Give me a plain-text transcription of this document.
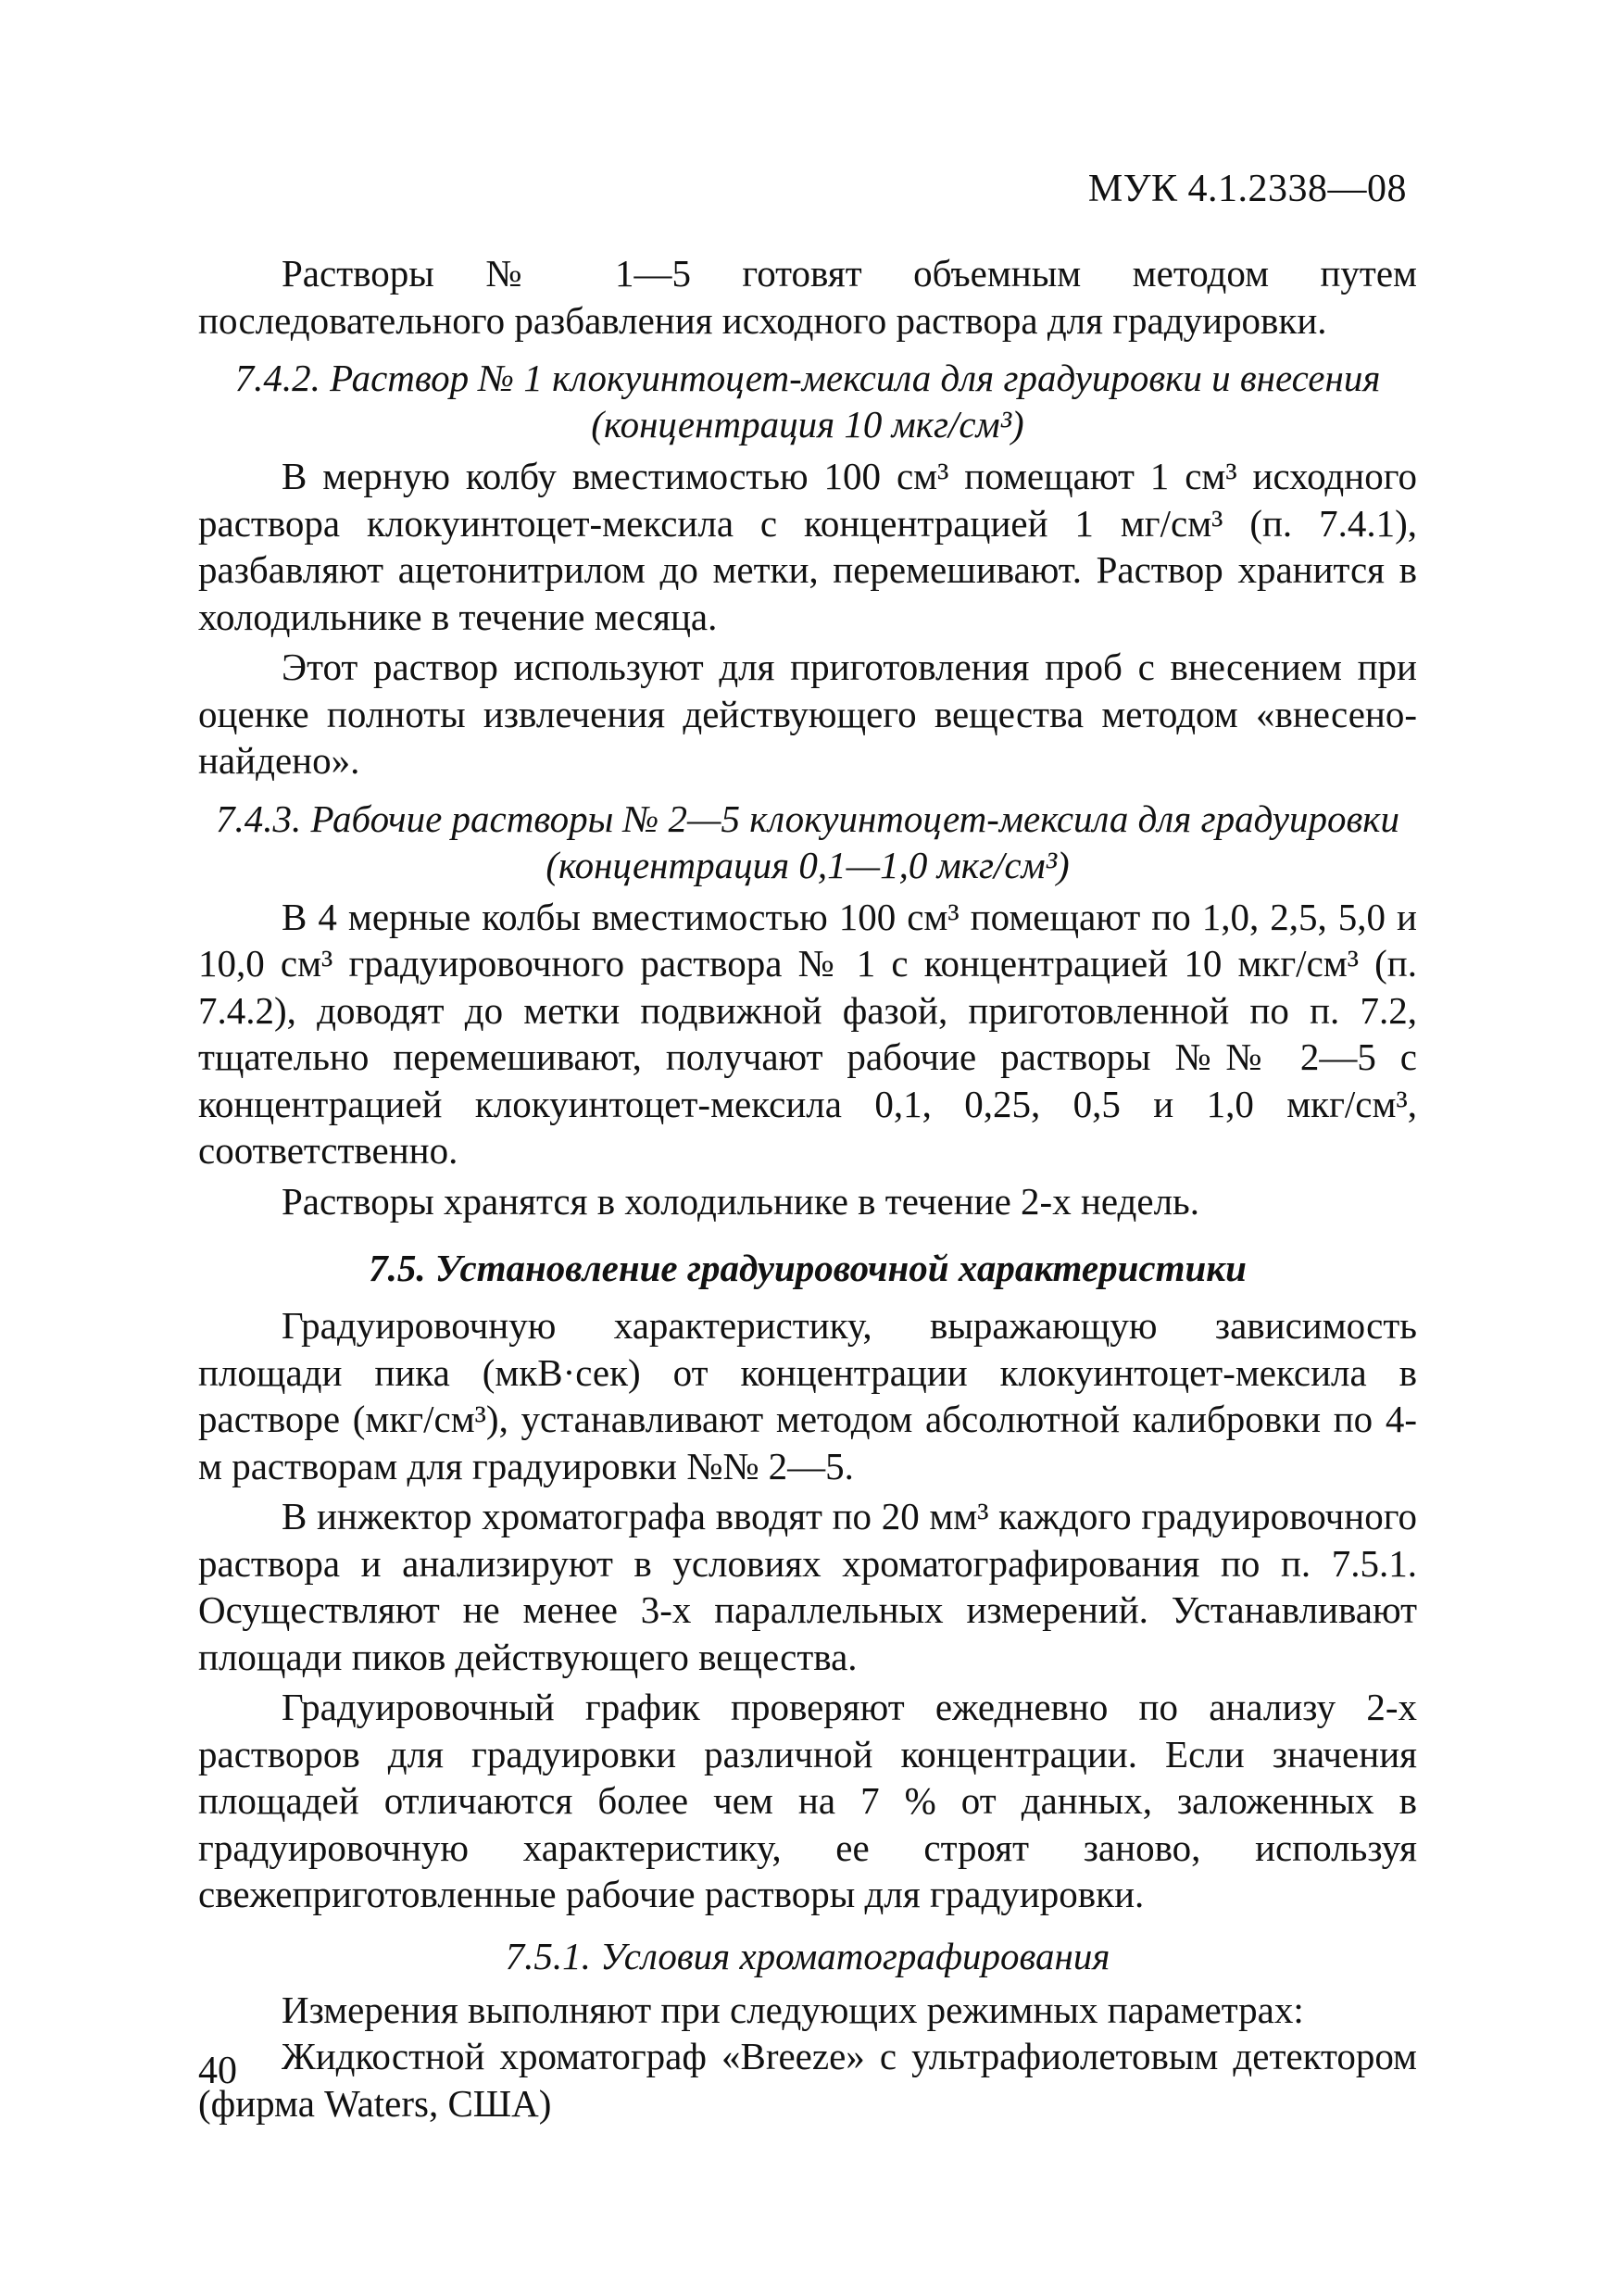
МУК 4.1.2338—08

Растворы № 1—5 готовят объемным методом путем последовательного разбавления исходного раствора для градуировки.

7.4.2. Раствор № 1 клокуинтоцет-мексила для градуировки и внесения
(концентрация 10 мкг/см³)

В мерную колбу вместимостью 100 см³ помещают 1 см³ исходного раствора клокуинтоцет-мексила с концентрацией 1 мг/см³ (п. 7.4.1), разбавляют ацетонитрилом до метки, перемешивают. Раствор хранится в холодильнике в течение месяца.

Этот раствор используют для приготовления проб с внесением при оценке полноты извлечения действующего вещества методом «внесено-найдено».

7.4.3. Рабочие растворы № 2—5 клокуинтоцет-мексила для градуировки
(концентрация 0,1—1,0 мкг/см³)

В 4 мерные колбы вместимостью 100 см³ помещают по 1,0, 2,5, 5,0 и 10,0 см³ градуировочного раствора № 1 с концентрацией 10 мкг/см³ (п. 7.4.2), доводят до метки подвижной фазой, приготовленной по п. 7.2, тщательно перемешивают, получают рабочие растворы №№ 2—5 с концентрацией клокуинтоцет-мексила 0,1, 0,25, 0,5 и 1,0 мкг/см³, соответственно.

Растворы хранятся в холодильнике в течение 2-х недель.

7.5. Установление градуировочной характеристики

Градуировочную характеристику, выражающую зависимость площади пика (мкВ·сек) от концентрации клокуинтоцет-мексила в растворе (мкг/см³), устанавливают методом абсолютной калибровки по 4-м растворам для градуировки №№ 2—5.

В инжектор хроматографа вводят по 20 мм³ каждого градуировочного раствора и анализируют в условиях хроматографирования по п. 7.5.1. Осуществляют не менее 3-х параллельных измерений. Устанавливают площади пиков действующего вещества.

Градуировочный график проверяют ежедневно по анализу 2-х растворов для градуировки различной концентрации. Если значения площадей отличаются более чем на 7 % от данных, заложенных в градуировочную характеристику, ее строят заново, используя свежеприготовленные рабочие растворы для градуировки.

7.5.1. Условия хроматографирования

Измерения выполняют при следующих режимных параметрах:

Жидкостной хроматограф «Breeze» с ультрафиолетовым детектором (фирма Waters, США)

40
